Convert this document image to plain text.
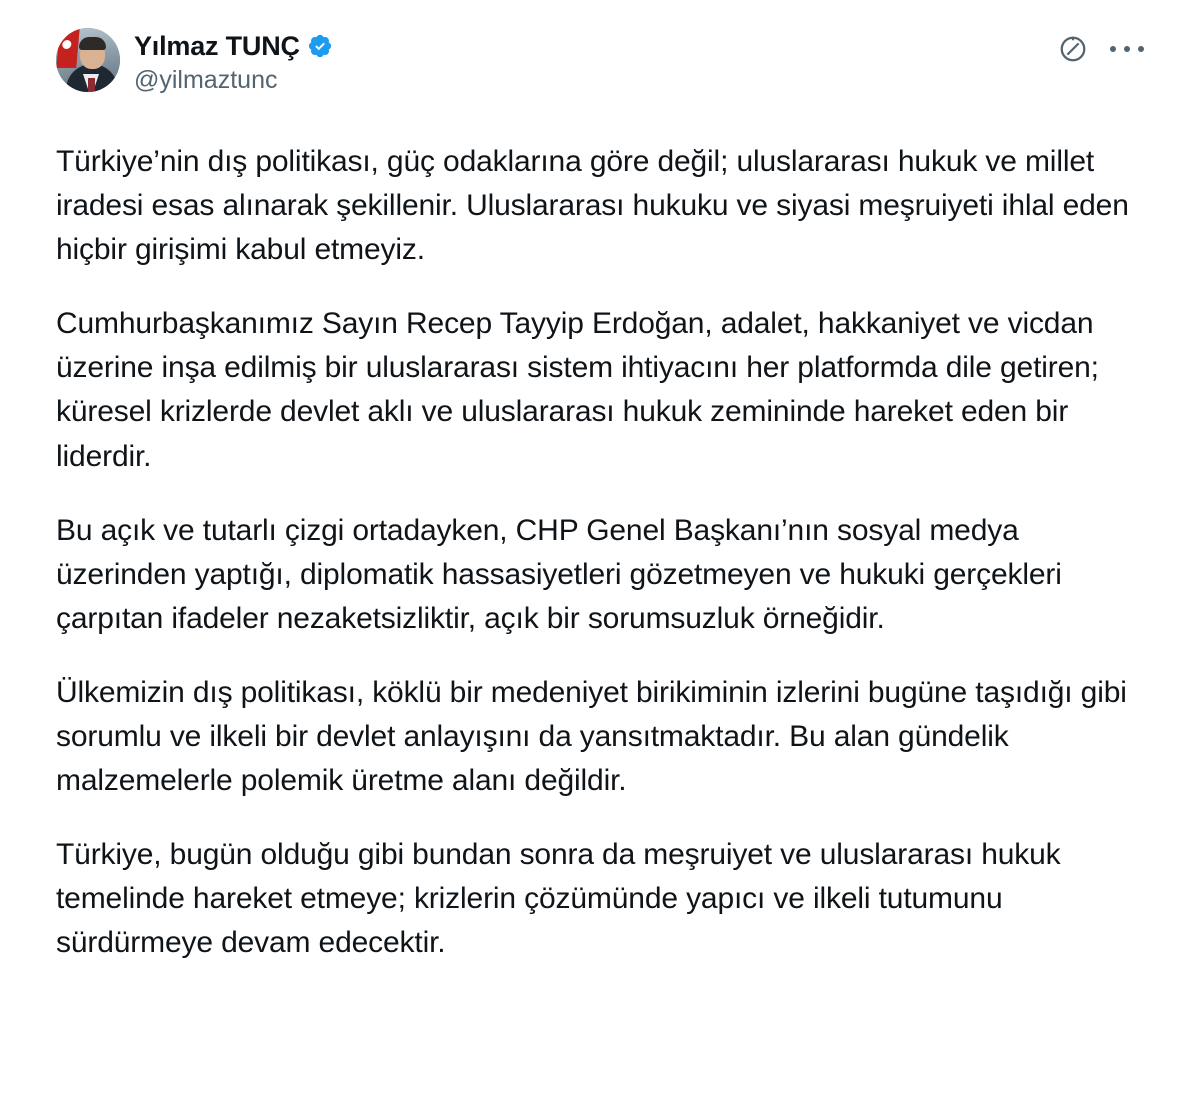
Yılmaz TUNÇ
@yilmaztunc

Türkiye’nin dış politikası, güç odaklarına göre değil; uluslararası hukuk ve millet iradesi esas alınarak şekillenir. Uluslararası hukuku ve siyasi meşruiyeti ihlal eden hiçbir girişimi kabul etmeyiz.

Cumhurbaşkanımız Sayın Recep Tayyip Erdoğan, adalet, hakkaniyet ve vicdan üzerine inşa edilmiş bir uluslararası sistem ihtiyacını her platformda dile getiren; küresel krizlerde devlet aklı ve uluslararası hukuk zemininde hareket eden bir liderdir.

Bu açık ve tutarlı çizgi ortadayken, CHP Genel Başkanı’nın sosyal medya üzerinden yaptığı, diplomatik hassasiyetleri gözetmeyen ve hukuki gerçekleri çarpıtan ifadeler nezaketsizliktir, açık bir sorumsuzluk örneğidir.

Ülkemizin dış politikası, köklü bir medeniyet birikiminin izlerini bugüne taşıdığı gibi sorumlu ve ilkeli bir devlet anlayışını da yansıtmaktadır. Bu alan gündelik malzemelerle polemik üretme alanı değildir.

Türkiye, bugün olduğu gibi bundan sonra da meşruiyet ve uluslararası hukuk temelinde hareket etmeye; krizlerin çözümünde yapıcı ve ilkeli tutumunu sürdürmeye devam edecektir.
